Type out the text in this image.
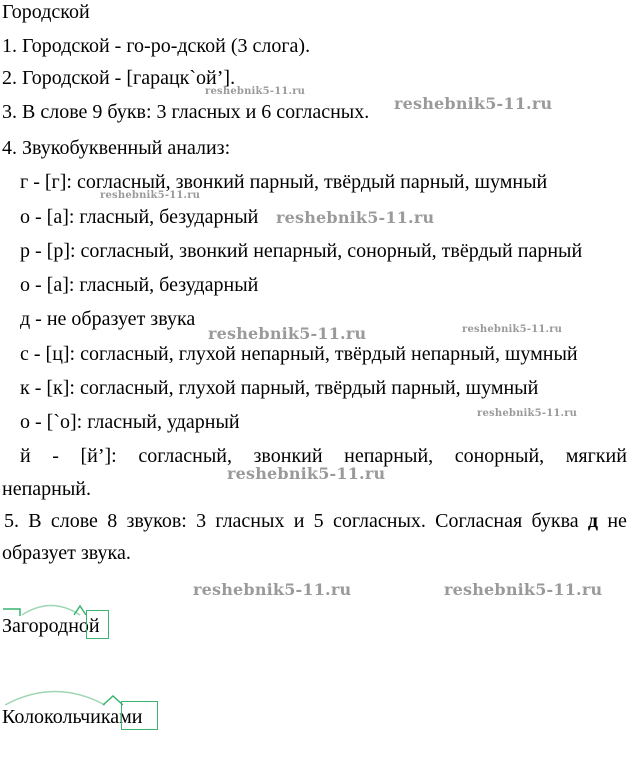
Городской
1. Городской - го-ро-дской (3 слога).
2. Городской - [гарацк`ой’].
3. В слове 9 букв: 3 гласных и 6 согласных.
4. Звукобуквенный анализ:
г - [г]: согласный, звонкий парный, твёрдый парный, шумный
о - [а]: гласный, безударный
р - [р]: согласный, звонкий непарный, сонорный, твёрдый парный
о - [а]: гласный, безударный
д - не образует звука
с - [ц]: согласный, глухой непарный, твёрдый непарный, шумный
к - [к]: согласный, глухой парный, твёрдый парный, шумный
о - [`о]: гласный, ударный
й - [й’]: согласный, звонкий непарный, сонорный, мягкий
непарный.
5. В слове 8 звуков: 3 гласных и 5 согласных. Согласная буква д не
образует звука.
reshebnik5-11.ru
reshebnik5-11.ru
reshebnik5-11.ru
reshebnik5-11.ru
reshebnik5-11.ru	reshebnik5-11.ru
reshebnik5-11.ru
reshebnik5-11.ru
reshebnik5-11.ru	reshebnik5-11.ru
Загородной
Колокольчиками
